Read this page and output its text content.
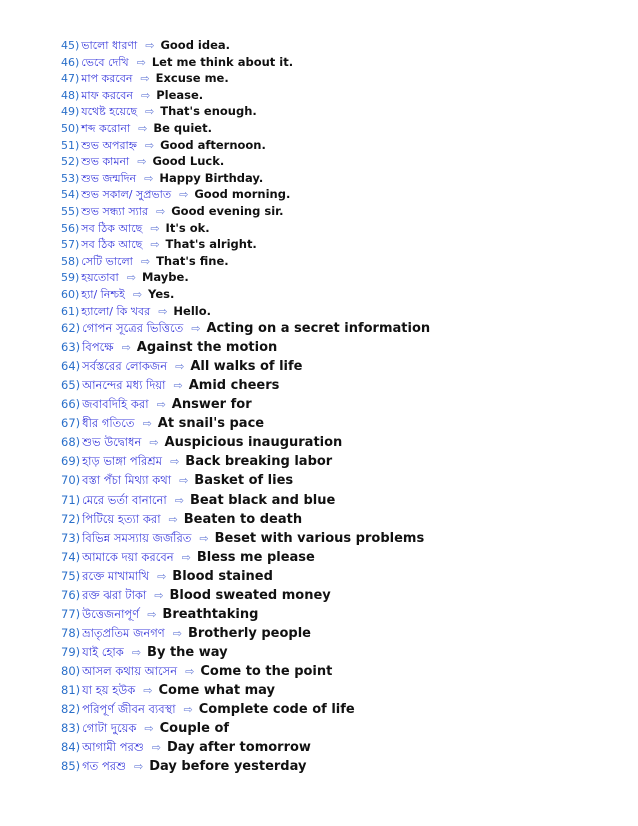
45) ভালো ধারণা ⇨ Good idea.
46) ভেবে দেখি ⇨ Let me think about it.
47) মাপ করবেন ⇨ Excuse me.
48) মাফ করবেন ⇨ Please.
49) যথেষ্ট হয়েছে ⇨ That's enough.
50) শব্দ করোনা ⇨ Be quiet.
51) শুভ অপরাহ্ন ⇨ Good afternoon.
52) শুভ কামনা ⇨ Good Luck.
53) শুভ জন্মদিন ⇨ Happy Birthday.
54) শুভ সকাল/ সুপ্রভাত ⇨ Good morning.
55) শুভ সন্ধ্যা স্যার ⇨ Good evening sir.
56) সব ঠিক আছে ⇨ It's ok.
57) সব ঠিক আছে ⇨ That's alright.
58) সেটি ভালো ⇨ That's fine.
59) হয়তোবা ⇨ Maybe.
60) হ্যা/ নিশ্চই ⇨ Yes.
61) হ্যালো/ কি খবর ⇨ Hello.
62) গোপন সূত্রের ভিত্তিতে ⇨ Acting on a secret information
63) বিপক্ষে ⇨ Against the motion
64) সর্বস্তরের লোকজন ⇨ All walks of life
65) আনন্দের মধ্য দিয়া ⇨ Amid cheers
66) জবাবদিহি করা ⇨ Answer for
67) ধীর গতিতে ⇨ At snail's pace
68) শুভ উদ্বোধন ⇨ Auspicious inauguration
69) হাড় ভাঙ্গা পরিশ্রম ⇨ Back breaking labor
70) বস্তা পঁচা মিথ্যা কথা ⇨ Basket of lies
71) মেরে ভর্তা বানানো ⇨ Beat black and blue
72) পিটিয়ে হত্যা করা ⇨ Beaten to death
73) বিভিন্ন সমস্যায় জর্জরিত ⇨ Beset with various problems
74) আমাকে দয়া করবেন ⇨ Bless me please
75) রক্তে মাখামাখি ⇨ Blood stained
76) রক্ত ঝরা টাকা ⇨ Blood sweated money
77) উত্তেজনাপূর্ণ ⇨ Breathtaking
78) ভ্রাতৃপ্রতিম জনগণ ⇨ Brotherly people
79) যাই হোক ⇨ By the way
80) আসল কথায় আসেন ⇨ Come to the point
81) যা হয় হউক ⇨ Come what may
82) পরিপূর্ণ জীবন ব্যবস্থা ⇨ Complete code of life
83) গোটা দুয়েক ⇨ Couple of
84) আগামী পরশু ⇨ Day after tomorrow
85) গত পরশু ⇨ Day before yesterday
